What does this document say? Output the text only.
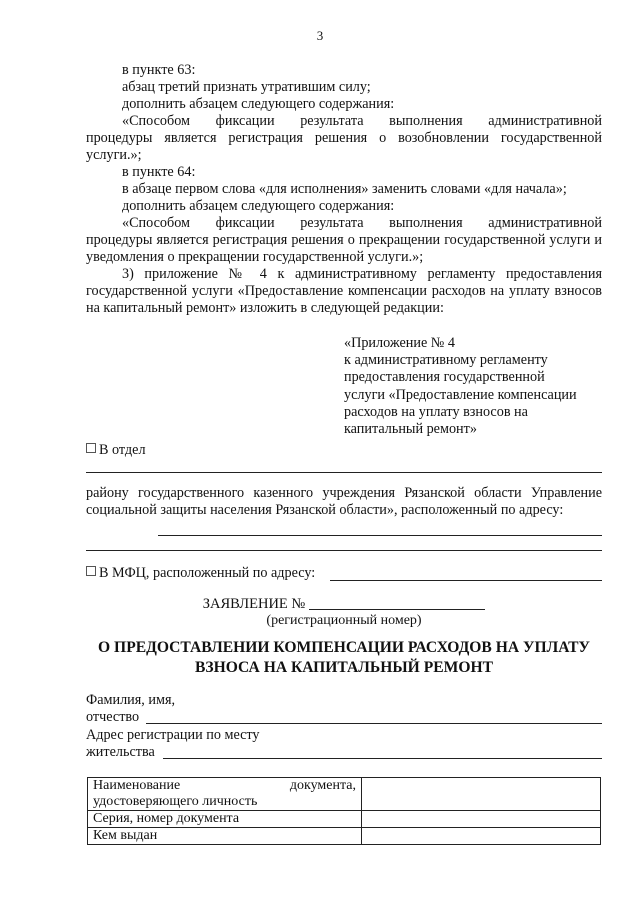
3
в пункте 63:
абзац третий признать утратившим силу;
дополнить абзацем следующего содержания:
«Способом фиксации результата выполнения административной
процедуры является регистрация решения о возобновлении государственной услуги.»;
в пункте 64:
в абзаце первом слова «для исполнения» заменить словами «для начала»;
дополнить абзацем следующего содержания:
«Способом фиксации результата выполнения административной
процедуры является регистрация решения о прекращении государственной услуги и уведомления о прекращении государственной услуги.»;
3) приложение № 4 к административному регламенту предоставления государственной услуги «Предоставление компенсации расходов на уплату взносов на капитальный ремонт» изложить в следующей редакции:
«Приложение № 4
к административному регламенту
предоставления государственной
услуги «Предоставление компенсации
расходов на уплату взносов на
капитальный ремонт»
В отдел
району государственного казенного учреждения Рязанской области Управление социальной защиты населения Рязанской области», расположенный по адресу:
В МФЦ, расположенный по адресу:
ЗАЯВЛЕНИЕ №
(регистрационный номер)
О ПРЕДОСТАВЛЕНИИ КОМПЕНСАЦИИ РАСХОДОВ НА УПЛАТУ
ВЗНОСА НА КАПИТАЛЬНЫЙ РЕМОНТ
Фамилия, имя,
отчество
Адрес регистрации по месту
жительства
Наименование документа, удостоверяющего личность	
Серия, номер документа	
Кем выдан	
